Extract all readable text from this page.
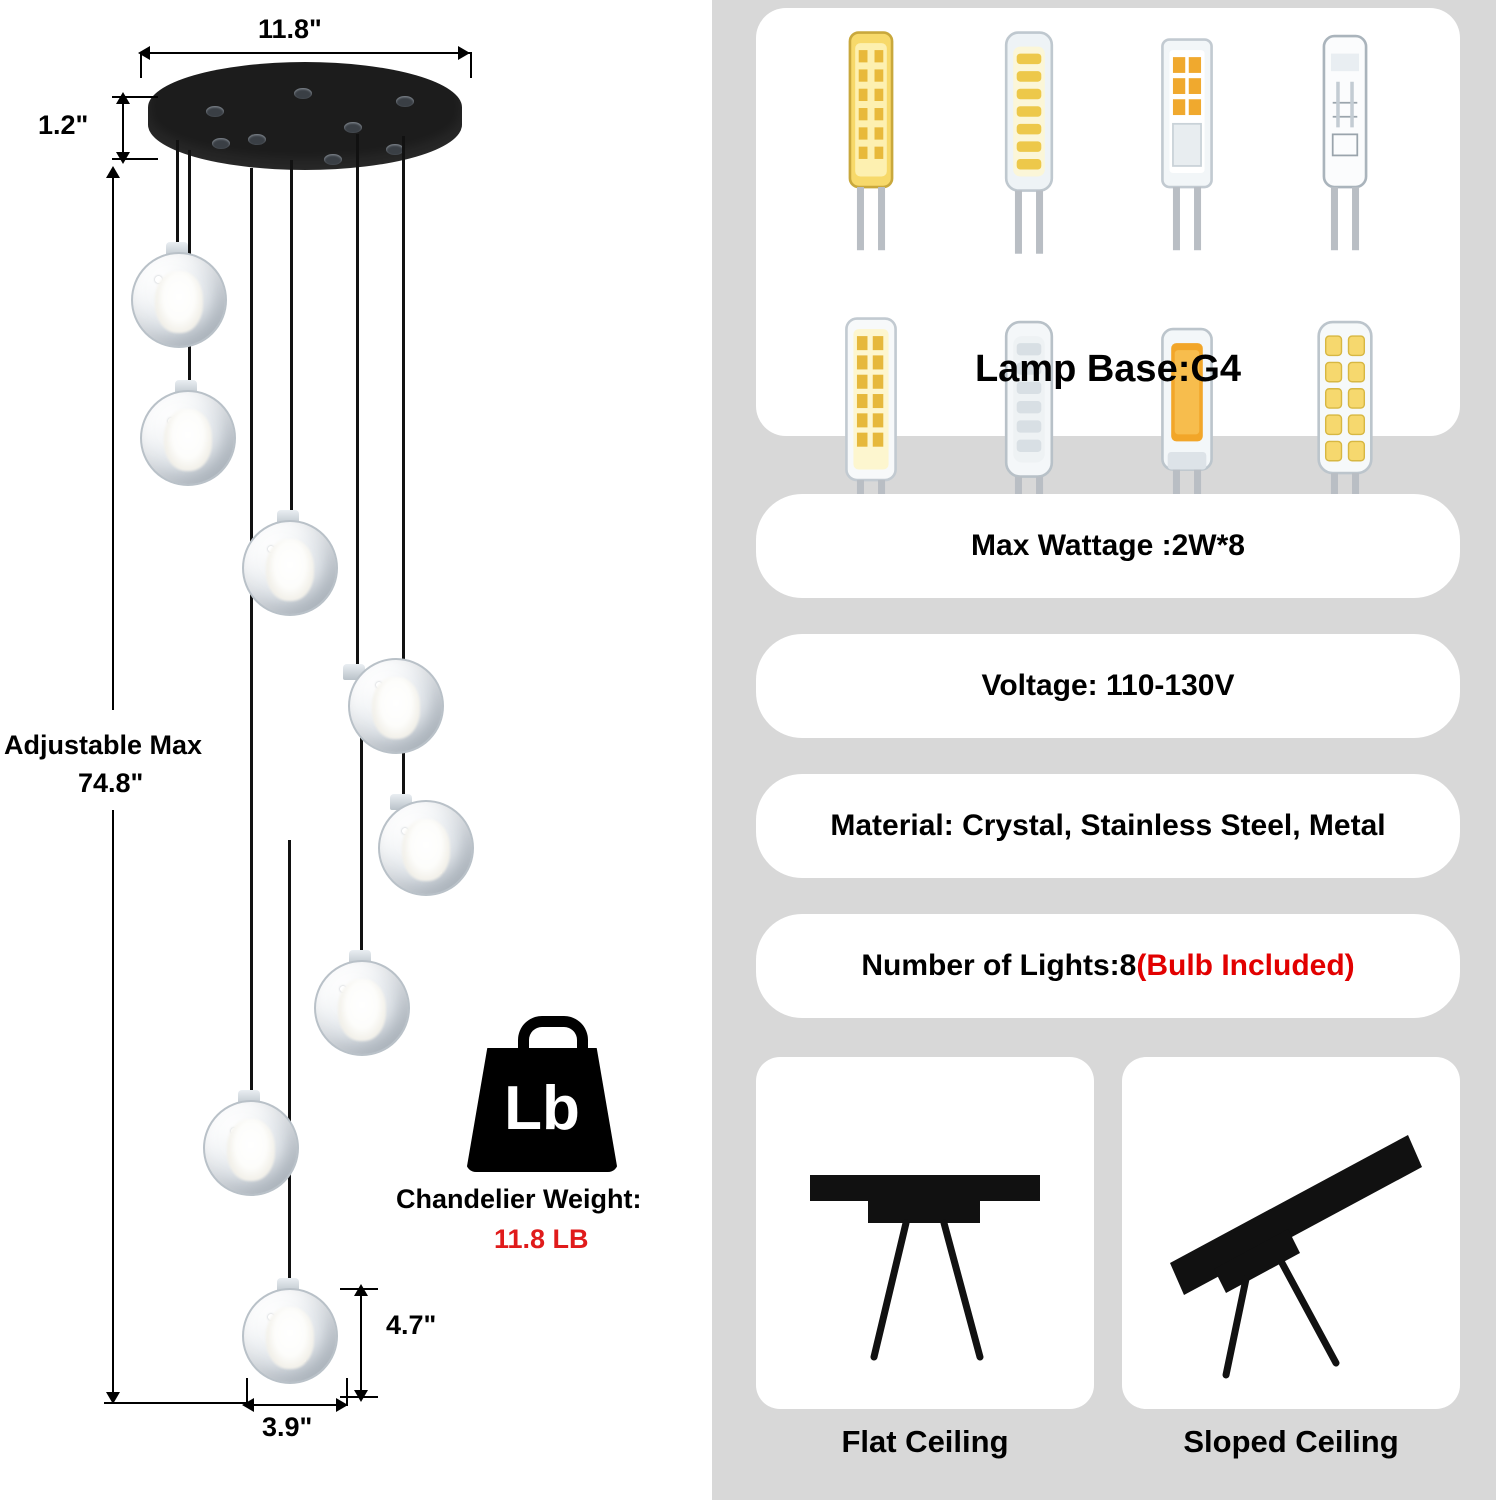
11.8"
1.2"
Adjustable Max
74.8"
4.7"
3.9"
Lb
Chandelier Weight:
11.8 LB
Lamp Base:G4
Max Wattage :2W*8
Voltage: 110-130V
Material: Crystal, Stainless Steel, Metal
Number of Lights:8 (Bulb Included)
Flat Ceiling	Sloped Ceiling
